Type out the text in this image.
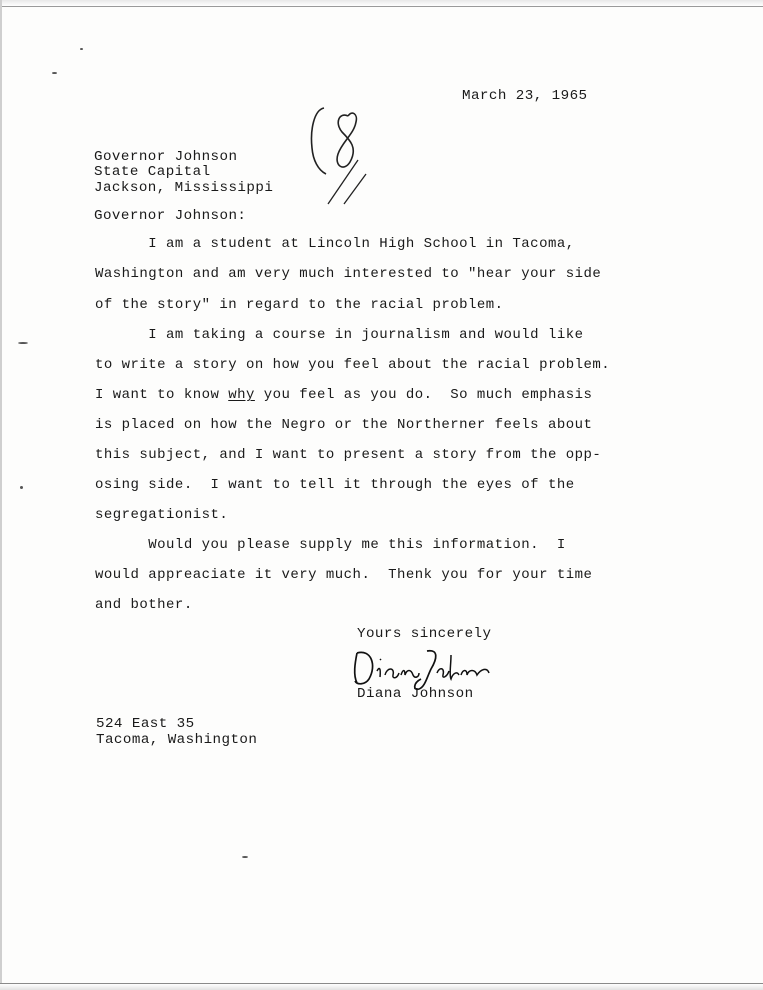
March 23, 1965
Governor Johnson
State Capital
Jackson, Mississippi
Governor Johnson:
I am a student at Lincoln High School in Tacoma,
Washington and am very much interested to "hear your side
of the story" in regard to the racial problem.
I am taking a course in journalism and would like
to write a story on how you feel about the racial problem.
I want to know why you feel as you do.  So much emphasis
is placed on how the Negro or the Northerner feels about
this subject, and I want to present a story from the opp-
osing side.  I want to tell it through the eyes of the
segregationist.
Would you please supply me this information.  I
would appreaciate it very much.  Thenk you for your time
and bother.
Yours sincerely
Diana Johnson
524 East 35
Tacoma, Washington
